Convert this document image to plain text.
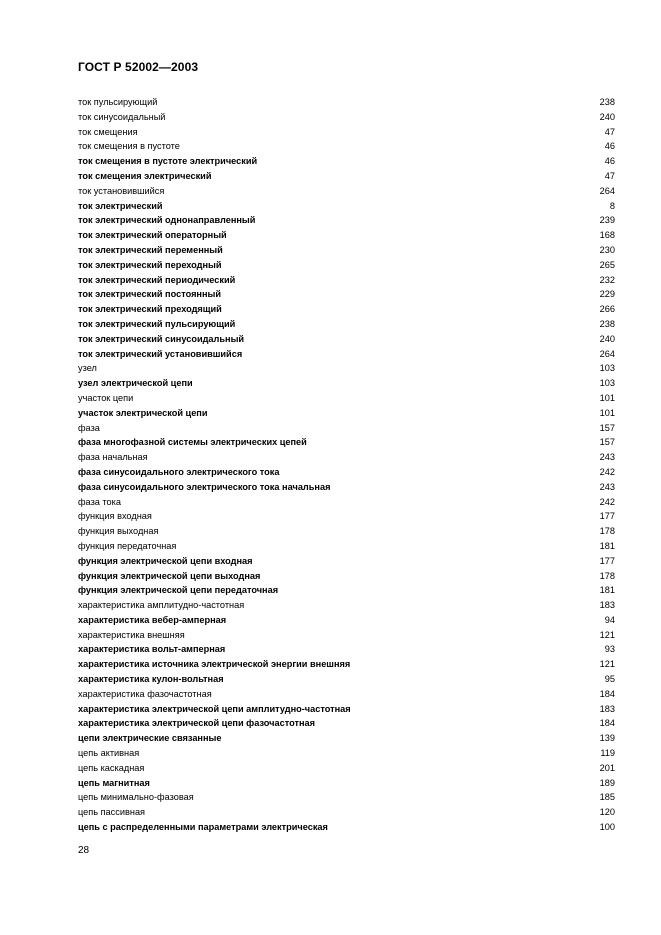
ГОСТ Р 52002—2003
ток пульсирующий	238
ток синусоидальный	240
ток смещения	47
ток смещения в пустоте	46
ток смещения в пустоте электрический	46
ток смещения электрический	47
ток установившийся	264
ток электрический	8
ток электрический однонаправленный	239
ток электрический операторный	168
ток электрический переменный	230
ток электрический переходный	265
ток электрический периодический	232
ток электрический постоянный	229
ток электрический преходящий	266
ток электрический пульсирующий	238
ток электрический синусоидальный	240
ток электрический установившийся	264
узел	103
узел электрической цепи	103
участок цепи	101
участок электрической цепи	101
фаза	157
фаза многофазной системы электрических цепей	157
фаза начальная	243
фаза синусоидального электрического тока	242
фаза синусоидального электрического тока начальная	243
фаза тока	242
функция входная	177
функция выходная	178
функция передаточная	181
функция электрической цепи входная	177
функция электрической цепи выходная	178
функция электрической цепи передаточная	181
характеристика амплитудно-частотная	183
характеристика вебер-амперная	94
характеристика внешняя	121
характеристика вольт-амперная	93
характеристика источника электрической энергии внешняя	121
характеристика кулон-вольтная	95
характеристика фазочастотная	184
характеристика электрической цепи амплитудно-частотная	183
характеристика электрической цепи фазочастотная	184
цепи электрические связанные	139
цепь активная	119
цепь каскадная	201
цепь магнитная	189
цепь минимально-фазовая	185
цепь пассивная	120
цепь с распределенными параметрами электрическая	100
28
